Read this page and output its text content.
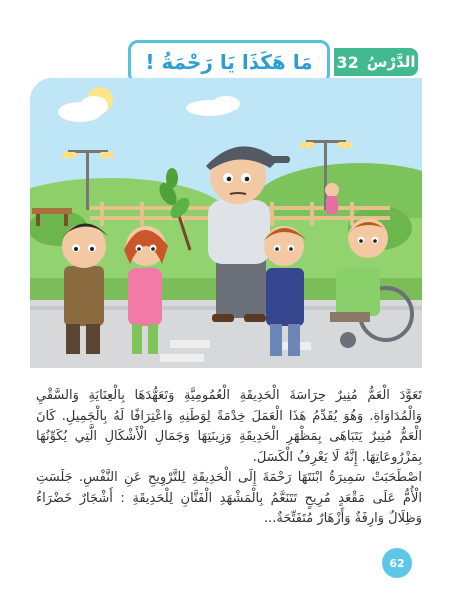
مَا هَكَذَا يَا رَحْمَةُ !	الدَّرْسُ
32

تَعَوَّدَ الْعَمُّ مُنِيرٌ حِرَاسَةَ الْحَدِيقَةِ الْعُمُومِيَّةِ وَتَعَهُّدَهَا بِالْعِنَايَةِ وَالسَّقْيِ وَالْمُدَاوَاةِ. وَهُوَ يُقَدِّمُ هَذَا الْعَمَلَ خِدْمَةً لِوَطَنِهِ وَاعْتِرَافًا لَهُ بِالْجَمِيلِ. كَانَ الْعَمُّ مُنِيرٌ يَتَبَاهَى بِمَظْهَرِ الْحَدِيقَةِ وَزِينَتِهَا وَجَمَالِ الْأَشْكَالِ الَّتِي يُكَوِّنُهَا بِمَزْرُوعَاتِهَا. إِنَّهُ لَا يَعْرِفُ الْكَسَلَ.

اصْطَحَبَتْ سَمِيرَةُ ابْنَتَهَا رَحْمَةَ إِلَى الْحَدِيقَةِ لِلتَّرْوِيحِ عَنِ النَّفْسِ. جَلَسَتِ الْأُمُّ عَلَى مَقْعَدٍ مُرِيحٍ تَتَنَعَّمُ بِالْمَشْهَدِ الْفَتَّانِ لِلْحَدِيقَةِ : أَشْجَارٌ خَضْرَاءُ وَظِلَالٌ وَارِفَةٌ وَأَزْهَارٌ مُتَفَتِّحَةٌ...

62
